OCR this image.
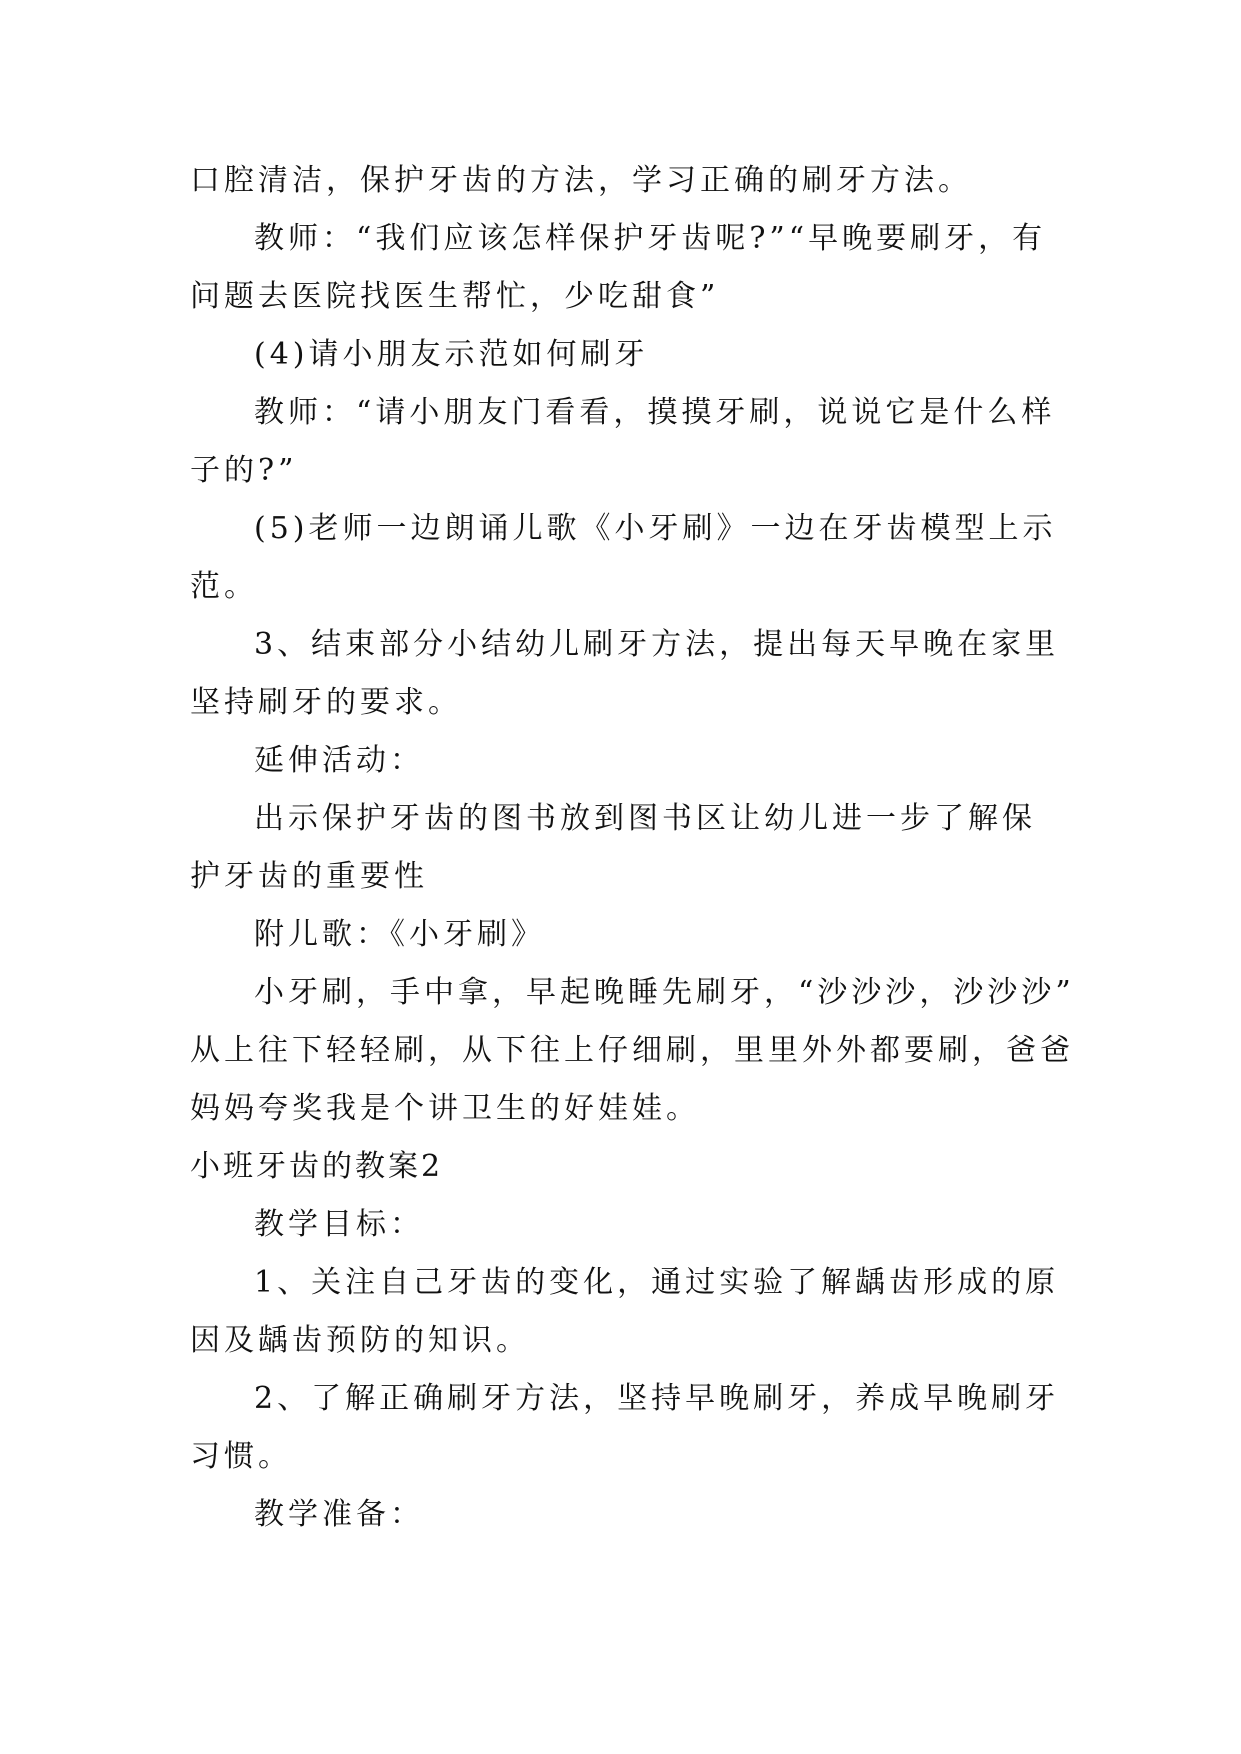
口腔清洁，保护牙齿的方法，学习正确的刷牙方法。
教师：“我们应该怎样保护牙齿呢?”“早晚要刷牙，有
问题去医院找医生帮忙，少吃甜食”
(4)请小朋友示范如何刷牙
教师：“请小朋友门看看，摸摸牙刷，说说它是什么样
子的?”
(5)老师一边朗诵儿歌《小牙刷》一边在牙齿模型上示
范。
3、结束部分小结幼儿刷牙方法，提出每天早晚在家里
坚持刷牙的要求。
延伸活动：
出示保护牙齿的图书放到图书区让幼儿进一步了解保
护牙齿的重要性
附儿歌：《小牙刷》
小牙刷，手中拿，早起晚睡先刷牙，“沙沙沙，沙沙沙”
从上往下轻轻刷，从下往上仔细刷，里里外外都要刷，爸爸
妈妈夸奖我是个讲卫生的好娃娃。
小班牙齿的教案2
教学目标：
1、关注自己牙齿的变化，通过实验了解龋齿形成的原
因及龋齿预防的知识。
2、了解正确刷牙方法，坚持早晚刷牙，养成早晚刷牙
习惯。
教学准备：
